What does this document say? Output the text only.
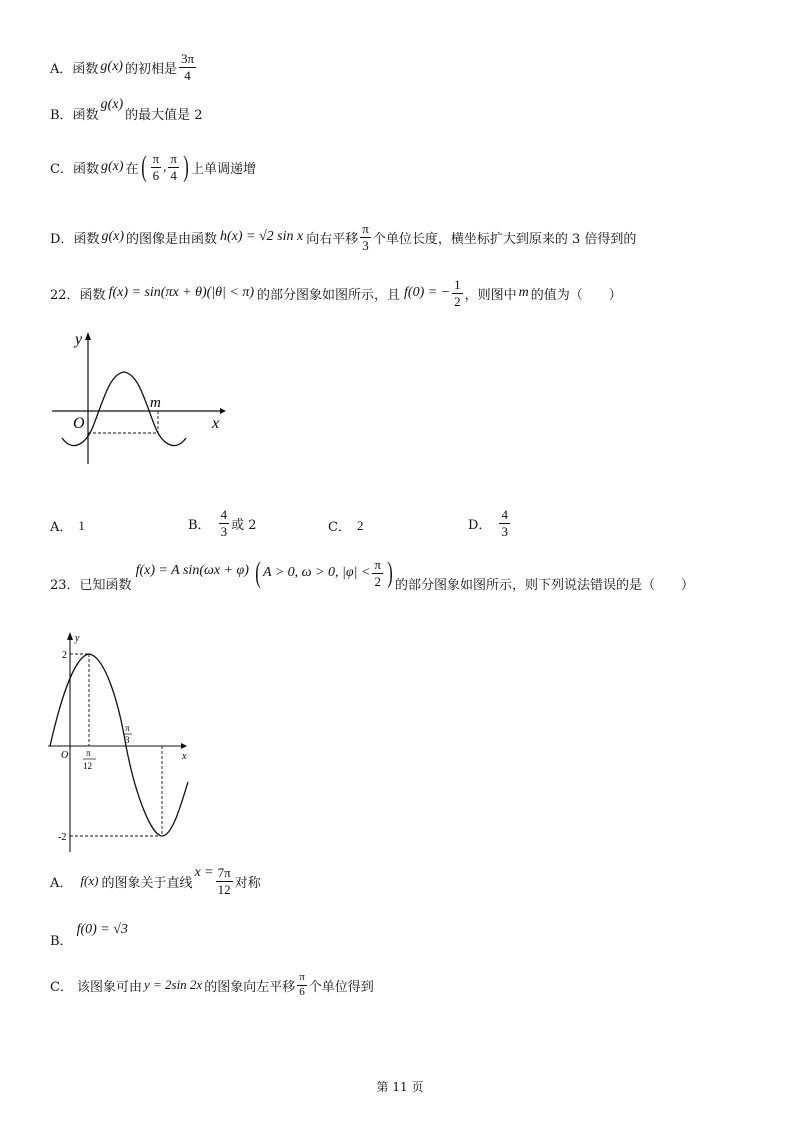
A． 函数 g(x) 的初相是 $\frac{3\pi}{4}$
B． 函数
g(x)
的最大值是 2
C． 函数 g(x) 在 ( $\frac{\pi}{6}$ , $\frac{\pi}{4}$ ) 上单调递增
D． 函数 g(x) 的图像是由函数 h(x) = √2 sin x 向右平移 $\frac{\pi}{3}$ 个单位长度，横坐标扩大到原来的 3 倍得到的
22． 函数 f(x) = sin(πx + θ)(|θ| < π) 的部分图象如图所示，且 f(0) = − $\frac{1}{2}$ ，则图中 m 的值为（　　）
y
x
O
m
A． 1	B． $\frac{4}{3}$ 或 2	C． 2	D． $\frac{4}{3}$
23． 已知函数
f(x) = A sin(ωx + φ) ( A > 0, ω > 0, $|\varphi| < \frac{\pi}{2}$ ) 的部分图象如图所示，则下列说法错误的是（　　）
y
x
O
2
-2
π
12
π
3
A． f(x) 的图象关于直线
$x = \frac{7\pi}{12}$ 对称
B．
f(0) = √3
C． 该图象可由 y = 2sin 2x 的图象向左平移 $\frac{\pi}{6}$ 个单位得到
第 11 页
